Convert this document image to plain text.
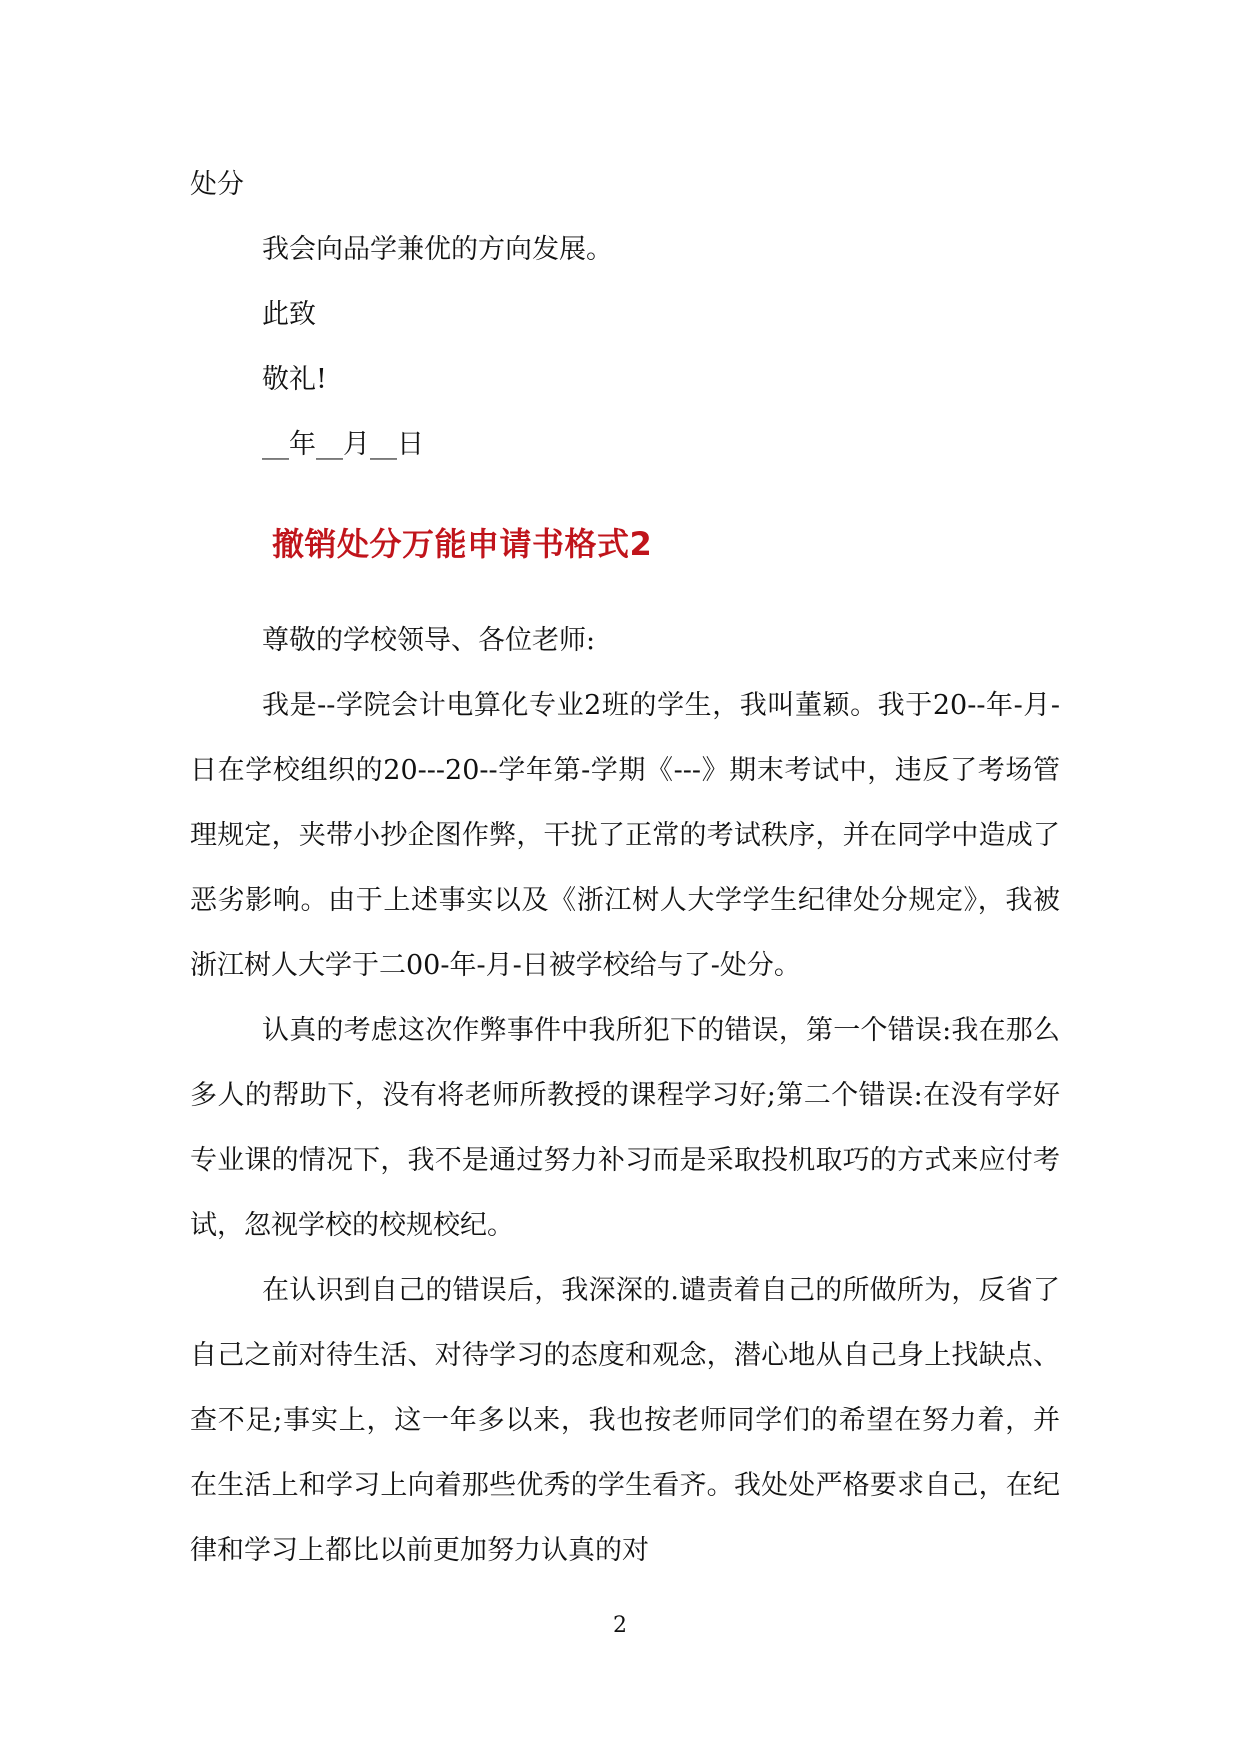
处分
我会向品学兼优的方向发展。
此致
敬礼!
__年__月__日
撤销处分万能申请书格式2
尊敬的学校领导、各位老师:

我是--学院会计电算化专业2班的学生，我叫董颖。我于20--年-月-日在学校组织的20---20--学年第-学期《---》期末考试中，违反了考场管理规定，夹带小抄企图作弊，干扰了正常的考试秩序，并在同学中造成了恶劣影响。由于上述事实以及《浙江树人大学学生纪律处分规定》，我被浙江树人大学于二00-年-月-日被学校给与了-处分。

认真的考虑这次作弊事件中我所犯下的错误，第一个错误:我在那么多人的帮助下，没有将老师所教授的课程学习好;第二个错误:在没有学好专业课的情况下，我不是通过努力补习而是采取投机取巧的方式来应付考试，忽视学校的校规校纪。

在认识到自己的错误后，我深深的.谴责着自己的所做所为，反省了自己之前对待生活、对待学习的态度和观念，潜心地从自己身上找缺点、查不足;事实上，这一年多以来，我也按老师同学们的希望在努力着，并在生活上和学习上向着那些优秀的学生看齐。我处处严格要求自己，在纪律和学习上都比以前更加努力认真的对

2
